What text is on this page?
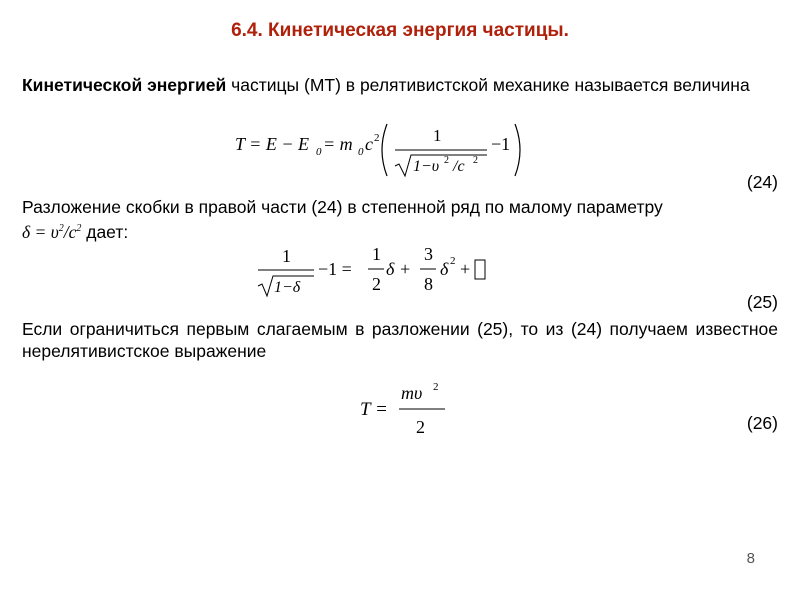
6.4. Кинетическая энергия частицы.
Кинетической энергией частицы (МТ) в релятивистской механике называется величина
T = E − E 0 = m 0 c 2	1
1−υ 2 /c 2
−1
(24)
Разложение скобки в правой части (24) в степенной ряд по малому параметру
$\delta = \upsilon^2/c^2$ дает:
1
1−δ
−1 =
1
2
δ +
3
8
δ 2 +
(25)
Если ограничиться первым слагаемым в разложении (25), то из (24) получаем известное нерелятивистское выражение
T =
mυ 2
2	(26)
8
